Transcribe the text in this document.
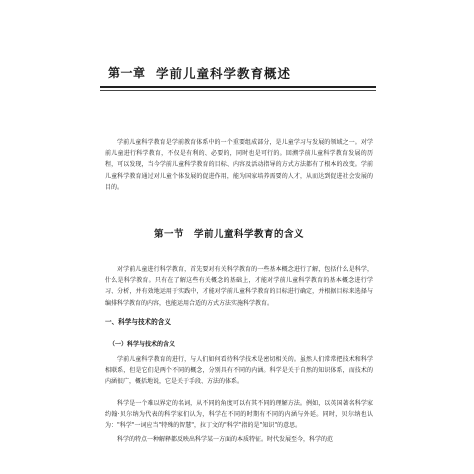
第一章 学前儿童科学教育概述
学前儿童科学教育是学前教育体系中的一个重要组成部分，是儿童学习与发展的领域之一。对学前儿童进行科学教育，不仅是有利的、必要的，同时也是可行的。回溯学前儿童科学教育发展的历程，可以发现，当今学前儿童科学教育的目标、内容及活动指导的方式方法都有了根本的改变。学前儿童科学教育通过对儿童个体发展的促进作用，能为国家培养需要的人才，从而达到促进社会发展的目的。
第一节　学前儿童科学教育的含义
对学前儿童进行科学教育，首先要对有关科学教育的一些基本概念进行了解，包括什么是科学，什么是科学教育。只有在了解这些有关概念的基础上，才能对学前儿童科学教育的基本概念进行学习、分析，并有效地运用于实践中，才能对学前儿童科学教育的目标进行确定，并根据目标来选择与编排科学教育的内容，也能运用合适的方式方法实施科学教育。
一、科学与技术的含义
（一）科学与技术的含义
学前儿童科学教育的进行，与人们如何看待科学技术是密切相关的。虽然人们常常把技术和科学相联系，但是它们是两个不同的概念，分别具有不同的内涵。科学是关于自然的知识体系，而技术的内涵很广，概括地说，它是关于手段、方法的体系。
科学是一个难以界定的名词，从不同的角度可以有其不同的理解方法。例如，以英国著名科学家约翰·贝尔纳为代表的科学家们认为，科学在不同的时期有不同的内涵与外延。同时，贝尔纳也认为："科学"一词应当"特殊的智慧"，拉丁文的"科学"指的是"知识"的意思。
科学的特点一种解释都反映出科学某一方面的本质特征。时代发展至今，科学的范
